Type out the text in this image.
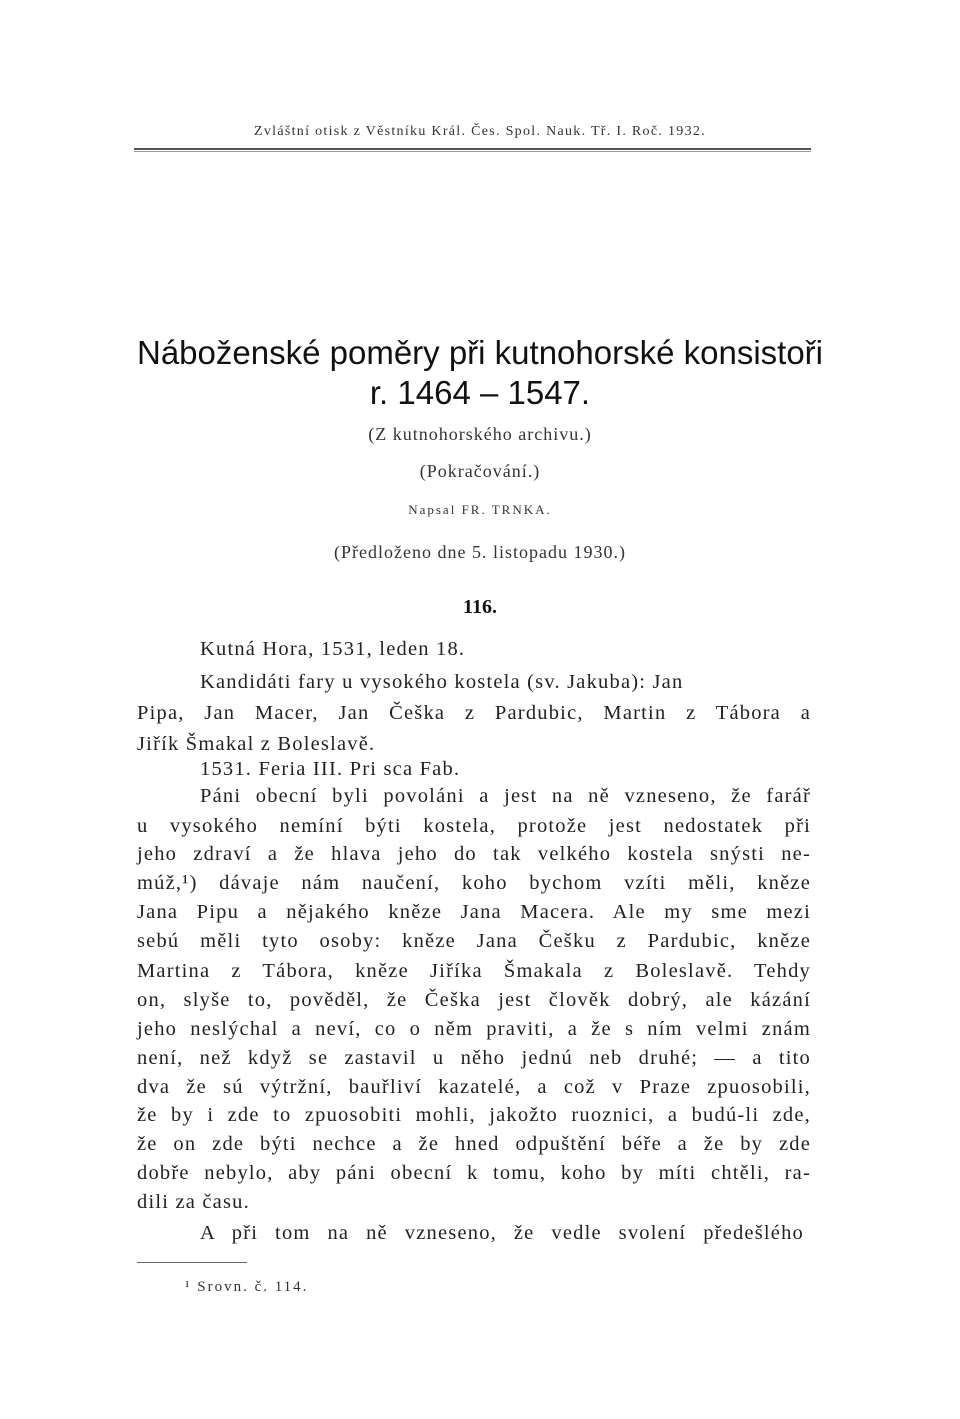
Zvláštní otisk z Věstníku Král. Čes. Spol. Nauk. Tř. I. Roč. 1932.
Náboženské poměry při kutnohorské konsistoři
r. 1464 – 1547.
(Z kutnohorského archivu.)
(Pokračování.)
Napsal FR. TRNKA.
(Předloženo dne 5. listopadu 1930.)
116.
Kutná Hora, 1531, leden 18.
Kandidáti fary u vysokého kostela (sv. Jakuba): Jan
Pipa, Jan Macer, Jan Češka z Pardubic, Martin z Tábora a
Jiřík Šmakal z Boleslavě.
1531. Feria III. Pri sca Fab.
Páni obecní byli povoláni a jest na ně vzneseno, že farář
u vysokého nemíní býti kostela, protože jest nedostatek při
jeho zdraví a že hlava jeho do tak velkého kostela snýsti ne-
múž,¹) dávaje nám naučení, koho bychom vzíti měli, kněze
Jana Pipu a nějakého kněze Jana Macera. Ale my sme mezi
sebú měli tyto osoby: kněze Jana Češku z Pardubic, kněze
Martina z Tábora, kněze Jiříka Šmakala z Boleslavě. Tehdy
on, slyše to, pověděl, že Češka jest člověk dobrý, ale kázání
jeho neslýchal a neví, co o něm praviti, a že s ním velmi znám
není, než když se zastavil u něho jednú neb druhé; — a tito
dva že sú výtržní, bauřliví kazatelé, a což v Praze zpuosobili,
že by i zde to zpuosobiti mohli, jakožto ruoznici, a budú-li zde,
že on zde býti nechce a že hned odpuštění béře a že by zde
dobře nebylo, aby páni obecní k tomu, koho by míti chtěli, ra-
dili za času.
A při tom na ně vzneseno, že vedle svolení předešlého
¹ Srovn. č. 114.
